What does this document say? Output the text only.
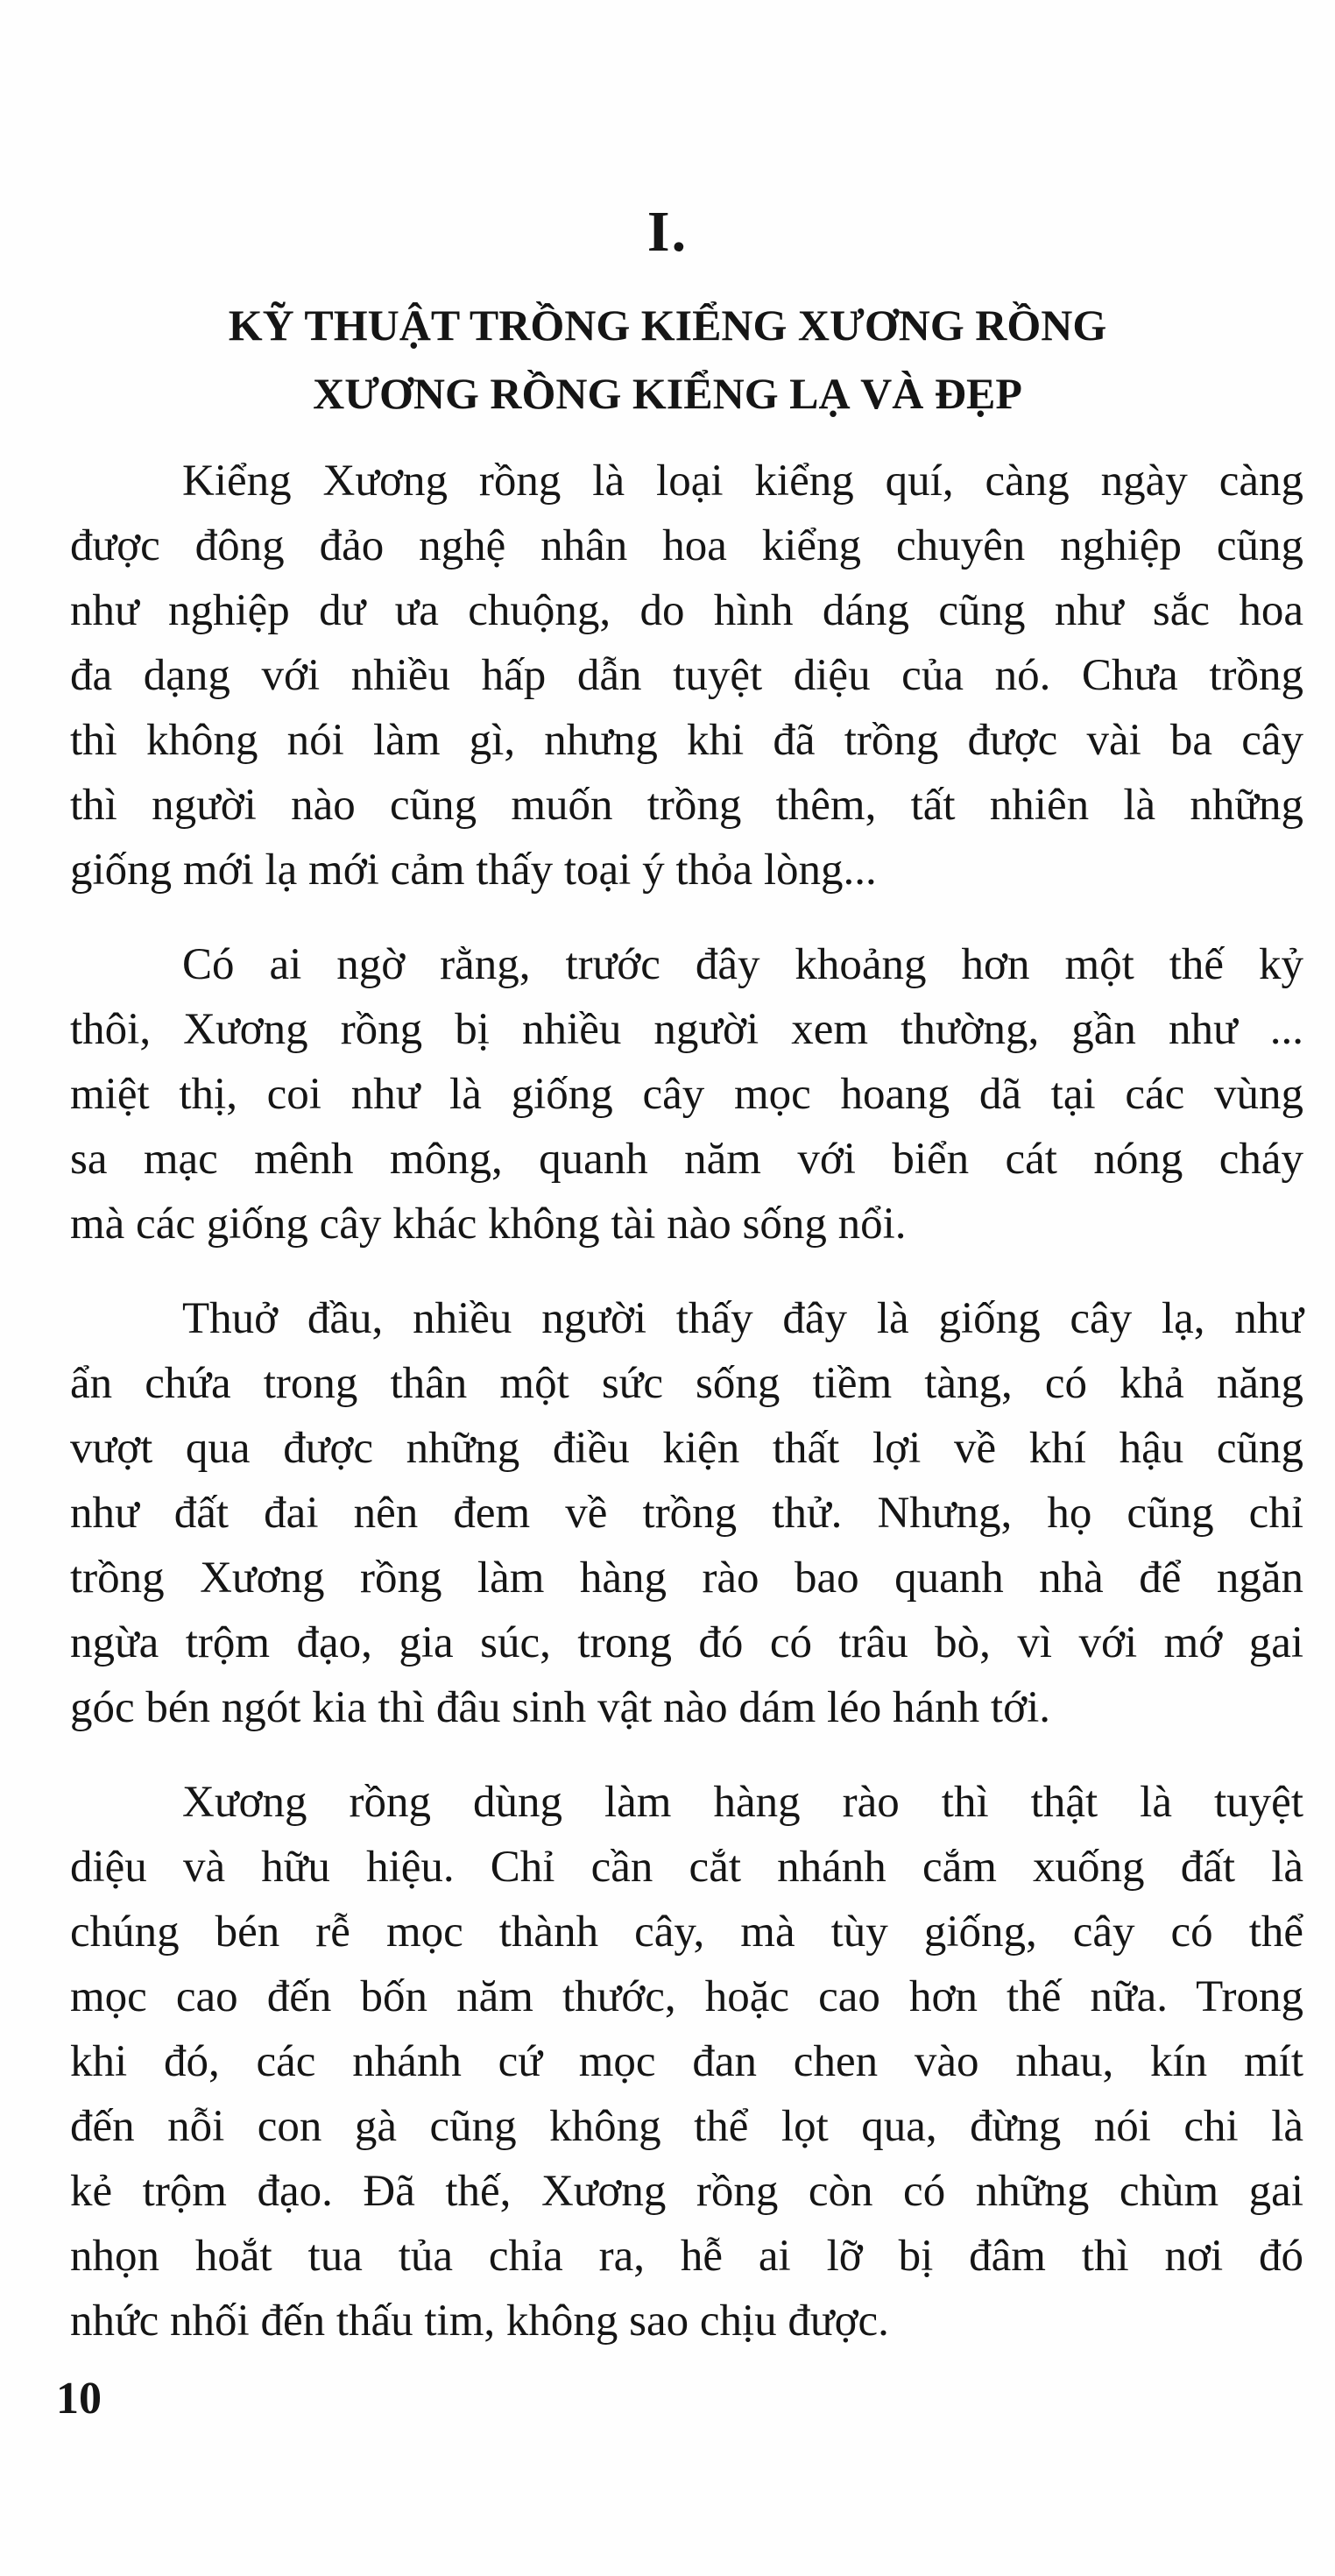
I.
KỸ THUẬT TRỒNG KIỂNG XƯƠNG RỒNG
XƯƠNG RỒNG KIỂNG LẠ VÀ ĐẸP
Kiểng Xương rồng là loại kiểng quí, càng ngày càng
được đông đảo nghệ nhân hoa kiểng chuyên nghiệp cũng
như nghiệp dư ưa chuộng, do hình dáng cũng như sắc hoa
đa dạng với nhiều hấp dẫn tuyệt diệu của nó. Chưa trồng
thì không nói làm gì, nhưng khi đã trồng được vài ba cây
thì người nào cũng muốn trồng thêm, tất nhiên là những
giống mới lạ mới cảm thấy toại ý thỏa lòng...
Có ai ngờ rằng, trước đây khoảng hơn một thế kỷ
thôi, Xương rồng bị nhiều người xem thường, gần như ...
miệt thị, coi như là giống cây mọc hoang dã tại các vùng
sa mạc mênh mông, quanh năm với biển cát nóng cháy
mà các giống cây khác không tài nào sống nổi.
Thuở đầu, nhiều người thấy đây là giống cây lạ, như
ẩn chứa trong thân một sức sống tiềm tàng, có khả năng
vượt qua được những điều kiện thất lợi về khí hậu cũng
như đất đai nên đem về trồng thử. Nhưng, họ cũng chỉ
trồng Xương rồng làm hàng rào bao quanh nhà để ngăn
ngừa trộm đạo, gia súc, trong đó có trâu bò, vì với mớ gai
góc bén ngót kia thì đâu sinh vật nào dám léo hánh tới.
Xương rồng dùng làm hàng rào thì thật là tuyệt
diệu và hữu hiệu. Chỉ cần cắt nhánh cắm xuống đất là
chúng bén rễ mọc thành cây, mà tùy giống, cây có thể
mọc cao đến bốn năm thước, hoặc cao hơn thế nữa. Trong
khi đó, các nhánh cứ mọc đan chen vào nhau, kín mít
đến nỗi con gà cũng không thể lọt qua, đừng nói chi là
kẻ trộm đạo. Đã thế, Xương rồng còn có những chùm gai
nhọn hoắt tua tủa chỉa ra, hễ ai lỡ bị đâm thì nơi đó
nhức nhối đến thấu tim, không sao chịu được.
10
